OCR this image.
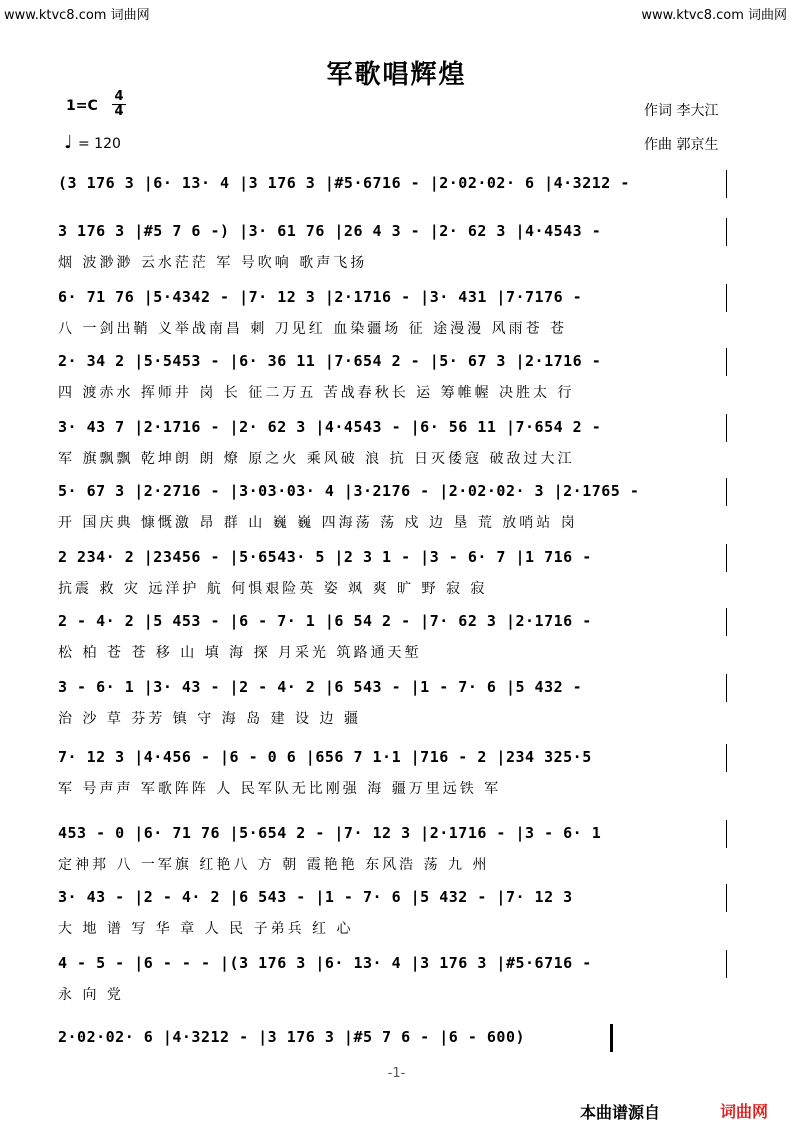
www.ktvc8.com 词曲网	www.ktvc8.com 词曲网
军歌唱辉煌
1=C
4
4
♩ = 120
作词 李大江
作曲 郭京生
(3 176 3 |6· 13· 4 |3 176 3 |#5·6716 - |2·02·02· 6 |4·3212 -
3 176 3 |#5 7 6 -) |3· 61 76 |26 4 3 - |2· 62 3 |4·4543 -
烟 波渺渺 云水茫茫 军 号吹响 歌声飞扬
6· 71 76 |5·4342 - |7· 12 3 |2·1716 - |3· 431 |7·7176 -
八 一剑出鞘 义举战南昌 刺 刀见红 血染疆场 征 途漫漫 风雨苍 苍
2· 34 2 |5·5453 - |6· 36 11 |7·654 2 - |5· 67 3 |2·1716 -
四 渡赤水 挥师井 岗 长 征二万五 苦战春秋长 运 筹帷幄 决胜太 行
3· 43 7 |2·1716 - |2· 62 3 |4·4543 - |6· 56 11 |7·654 2 -
军 旗飘飘 乾坤朗 朗 燎 原之火 乘风破 浪 抗 日灭倭寇 破敌过大江
5· 67 3 |2·2716 - |3·03·03· 4 |3·2176 - |2·02·02· 3 |2·1765 -
开 国庆典 慷慨激 昂 群 山 巍 巍 四海荡 荡 戍 边 垦 荒 放哨站 岗
2 234· 2 |23456 - |5·6543· 5 |2 3 1 - |3 - 6· 7 |1 716 -
抗震 救 灾 远洋护 航 何惧艰险英 姿 飒 爽 旷 野 寂 寂
2 - 4· 2 |5 453 - |6 - 7· 1 |6 54 2 - |7· 62 3 |2·1716 -
松 柏 苍 苍 移 山 填 海 探 月采光 筑路通天堑
3 - 6· 1 |3· 43 - |2 - 4· 2 |6 543 - |1 - 7· 6 |5 432 -
治 沙 草 芬芳 镇 守 海 岛 建 设 边 疆
7· 12 3 |4·456 - |6 - 0 6 |656 7 1·1 |716 - 2 |234 325·5
军 号声声 军歌阵阵 人 民军队无比刚强 海 疆万里远铁 军
453 - 0 |6· 71 76 |5·654 2 - |7· 12 3 |2·1716 - |3 - 6· 1
定神邦 八 一军旗 红艳八 方 朝 霞艳艳 东风浩 荡 九 州
3· 43 - |2 - 4· 2 |6 543 - |1 - 7· 6 |5 432 - |7· 12 3
大 地 谱 写 华 章 人 民 子弟兵 红 心
4 - 5 - |6 - - - |(3 176 3 |6· 13· 4 |3 176 3 |#5·6716 -
永 向 党
2·02·02· 6 |4·3212 - |3 176 3 |#5 7 6 - |6 - 600)
-1-
本曲谱源自	词曲网
